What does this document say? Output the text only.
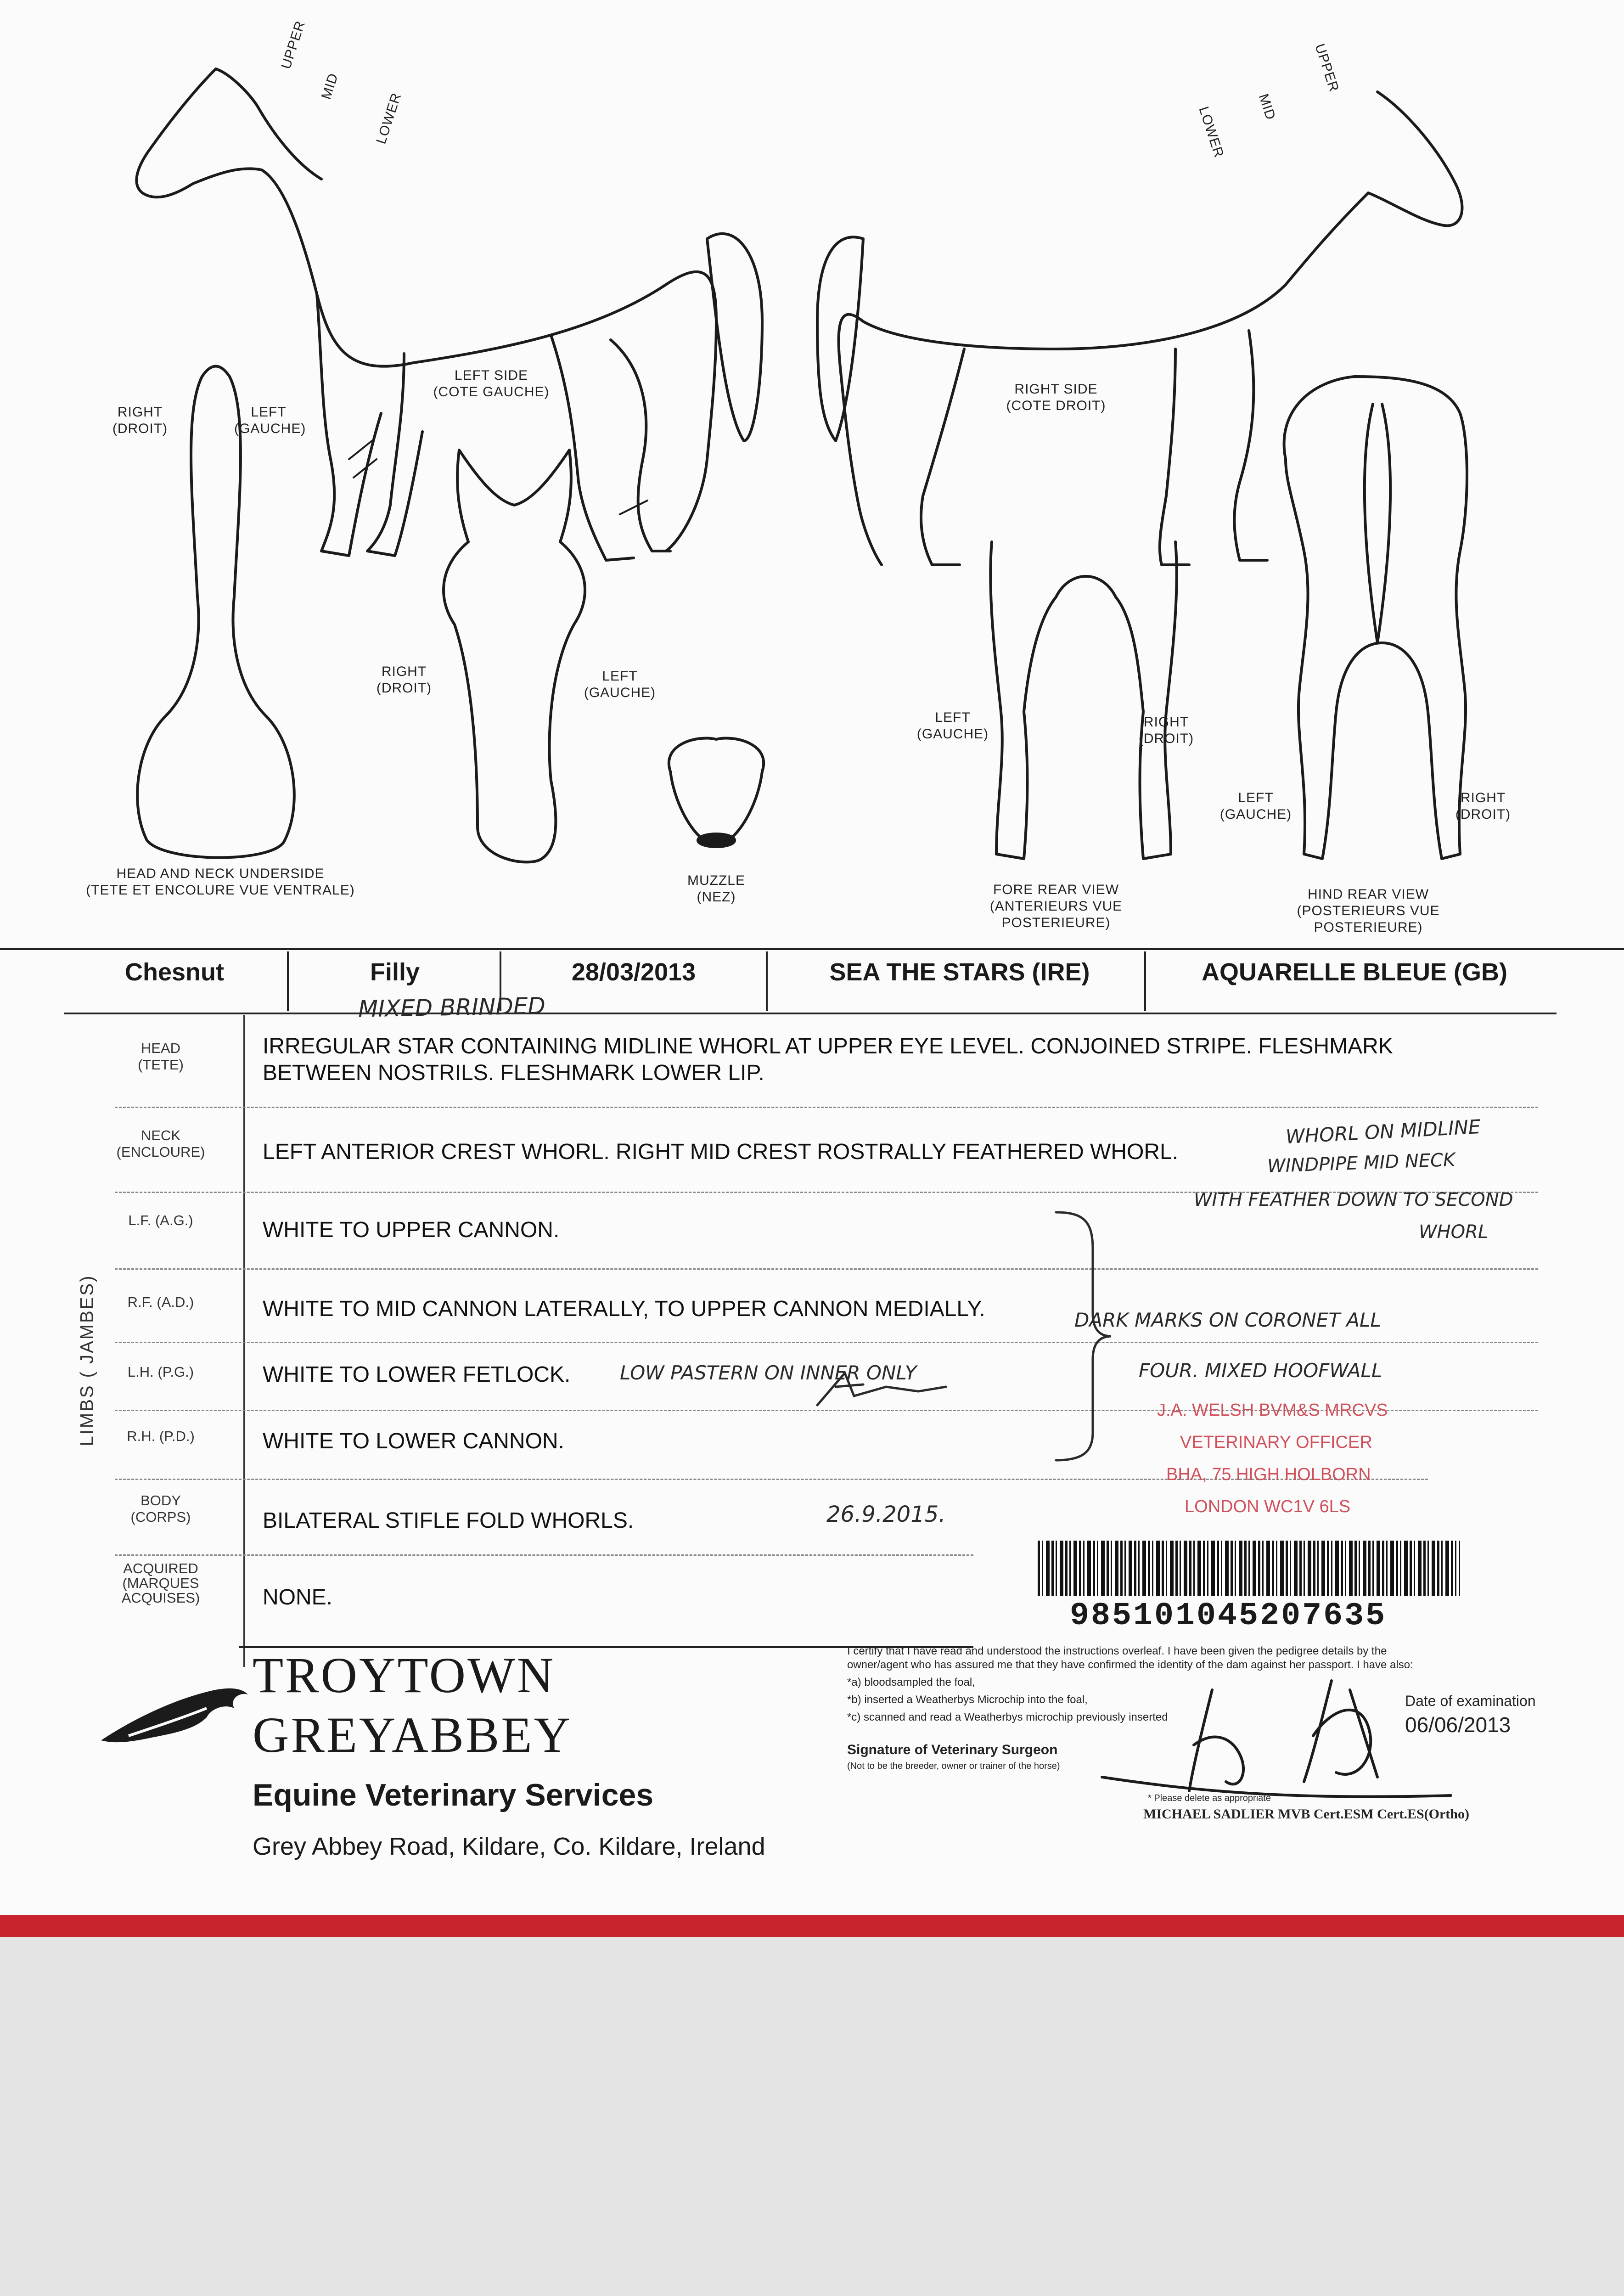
UPPER
MID
LOWER
UPPER
MID
LOWER
LEFT SIDE
(COTE GAUCHE)	RIGHT SIDE
(COTE DROIT)
RIGHT
(DROIT)
LEFT
(GAUCHE)
RIGHT
(DROIT)
LEFT
(GAUCHE)
LEFT
(GAUCHE)
RIGHT
(DROIT)
LEFT
(GAUCHE)
RIGHT
(DROIT)
HEAD AND NECK UNDERSIDE
(TETE ET ENCOLURE VUE VENTRALE)
MUZZLE
(NEZ)	FORE REAR VIEW
(ANTERIEURS VUE
POSTERIEURE)
HIND REAR VIEW
(POSTERIEURS VUE
POSTERIEURE)
Chesnut	Filly	28/03/2013	SEA THE STARS (IRE)	AQUARELLE BLEUE (GB)
HEAD
(TETE)
IRREGULAR STAR CONTAINING MIDLINE WHORL AT UPPER EYE LEVEL. CONJOINED STRIPE. FLESHMARK
BETWEEN NOSTRILS. FLESHMARK LOWER LIP.
NECK
(ENCLOURE)	LEFT ANTERIOR CREST WHORL. RIGHT MID CREST ROSTRALLY FEATHERED WHORL.
LIMBS ( JAMBES)
L.F. (A.G.)	WHITE TO UPPER CANNON.
R.F. (A.D.)	WHITE TO MID CANNON LATERALLY, TO UPPER CANNON MEDIALLY.
L.H. (P.G.)	WHITE TO LOWER FETLOCK.
R.H. (P.D.)	WHITE TO LOWER CANNON.
BODY
(CORPS)	BILATERAL STIFLE FOLD WHORLS.
ACQUIRED
(MARQUES
ACQUISES)	NONE.
MIXED BRINDED
WHORL ON MIDLINE
WINDPIPE MID NECK
WITH FEATHER DOWN TO SECOND
WHORL
DARK MARKS ON CORONET ALL
FOUR. MIXED HOOFWALL
LOW PASTERN ON INNER ONLY
26.9.2015.
J.A. WELSH BVM&S MRCVS
VETERINARY OFFICER
BHA, 75 HIGH HOLBORN
LONDON WC1V 6LS
985101045207635
I certify that I have read and understood the instructions overleaf. I have been given the pedigree details by the
owner/agent who has assured me that they have confirmed the identity of the dam against her passport. I have also:
*a) bloodsampled the foal,
*b) inserted a Weatherbys Microchip into the foal,
*c) scanned and read a Weatherbys microchip previously inserted
Signature of Veterinary Surgeon
(Not to be the breeder, owner or trainer of the horse)
* Please delete as appropriate
Date of examination
06/06/2013
MICHAEL SADLIER MVB Cert.ESM Cert.ES(Ortho)
TROYTOWN
GREYABBEY
Equine Veterinary Services
Grey Abbey Road, Kildare, Co. Kildare, Ireland
